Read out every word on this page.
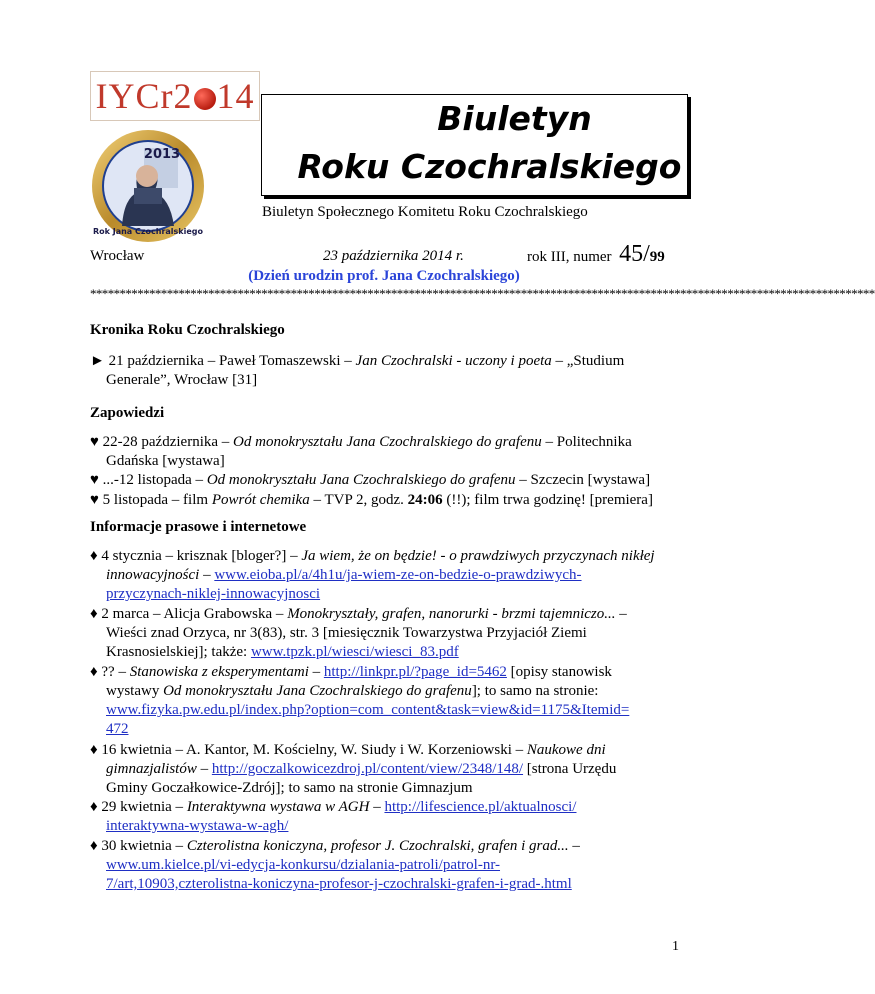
IYCr2 14
2013
Rok Jana Czochralskiego
Biuletyn
Roku Czochralskiego
Biuletyn Społecznego Komitetu Roku Czochralskiego
Wrocław	23 października 2014 r.	rok III, numer 45/99
(Dzień urodzin prof. Jana Czochralskiego)
*************************************************************************************************************************************
Kronika Roku Czochralskiego
► 21 października – Paweł Tomaszewski – Jan Czochralski - uczony i poeta – „Studium
Generale”, Wrocław [31]
Zapowiedzi
♥ 22-28 października – Od monokryształu Jana Czochralskiego do grafenu – Politechnika
Gdańska [wystawa]
♥ ...-12 listopada – Od monokryształu Jana Czochralskiego do grafenu – Szczecin [wystawa]
♥ 5 listopada – film Powrót chemika – TVP 2, godz. 24:06 (!!); film trwa godzinę! [premiera]
Informacje prasowe i internetowe
♦ 4 stycznia – krisznak [bloger?] – Ja wiem, że on będzie! - o prawdziwych przyczynach nikłej
innowacyjności – www.eioba.pl/a/4h1u/ja-wiem-ze-on-bedzie-o-prawdziwych-
przyczynach-niklej-innowacyjnosci
♦ 2 marca – Alicja Grabowska – Monokryształy, grafen, nanorurki - brzmi tajemniczo... –
Wieści znad Orzyca, nr 3(83), str. 3 [miesięcznik Towarzystwa Przyjaciół Ziemi
Krasnosielskiej]; także: www.tpzk.pl/wiesci/wiesci_83.pdf
♦ ?? – Stanowiska z eksperymentami – http://linkpr.pl/?page_id=5462 [opisy stanowisk
wystawy Od monokryształu Jana Czochralskiego do grafenu]; to samo na stronie:
www.fizyka.pw.edu.pl/index.php?option=com_content&task=view&id=1175&Itemid=
472
♦ 16 kwietnia – A. Kantor, M. Kościelny, W. Siudy i W. Korzeniowski – Naukowe dni
gimnazjalistów – http://goczalkowicezdroj.pl/content/view/2348/148/ [strona Urzędu
Gminy Goczałkowice-Zdrój]; to samo na stronie Gimnazjum
♦ 29 kwietnia – Interaktywna wystawa w AGH – http://lifescience.pl/aktualnosci/
interaktywna-wystawa-w-agh/
♦ 30 kwietnia – Czterolistna koniczyna, profesor J. Czochralski, grafen i grad... –
www.um.kielce.pl/vi-edycja-konkursu/dzialania-patroli/patrol-nr-
7/art,10903,czterolistna-koniczyna-profesor-j-czochralski-grafen-i-grad-.html
1
